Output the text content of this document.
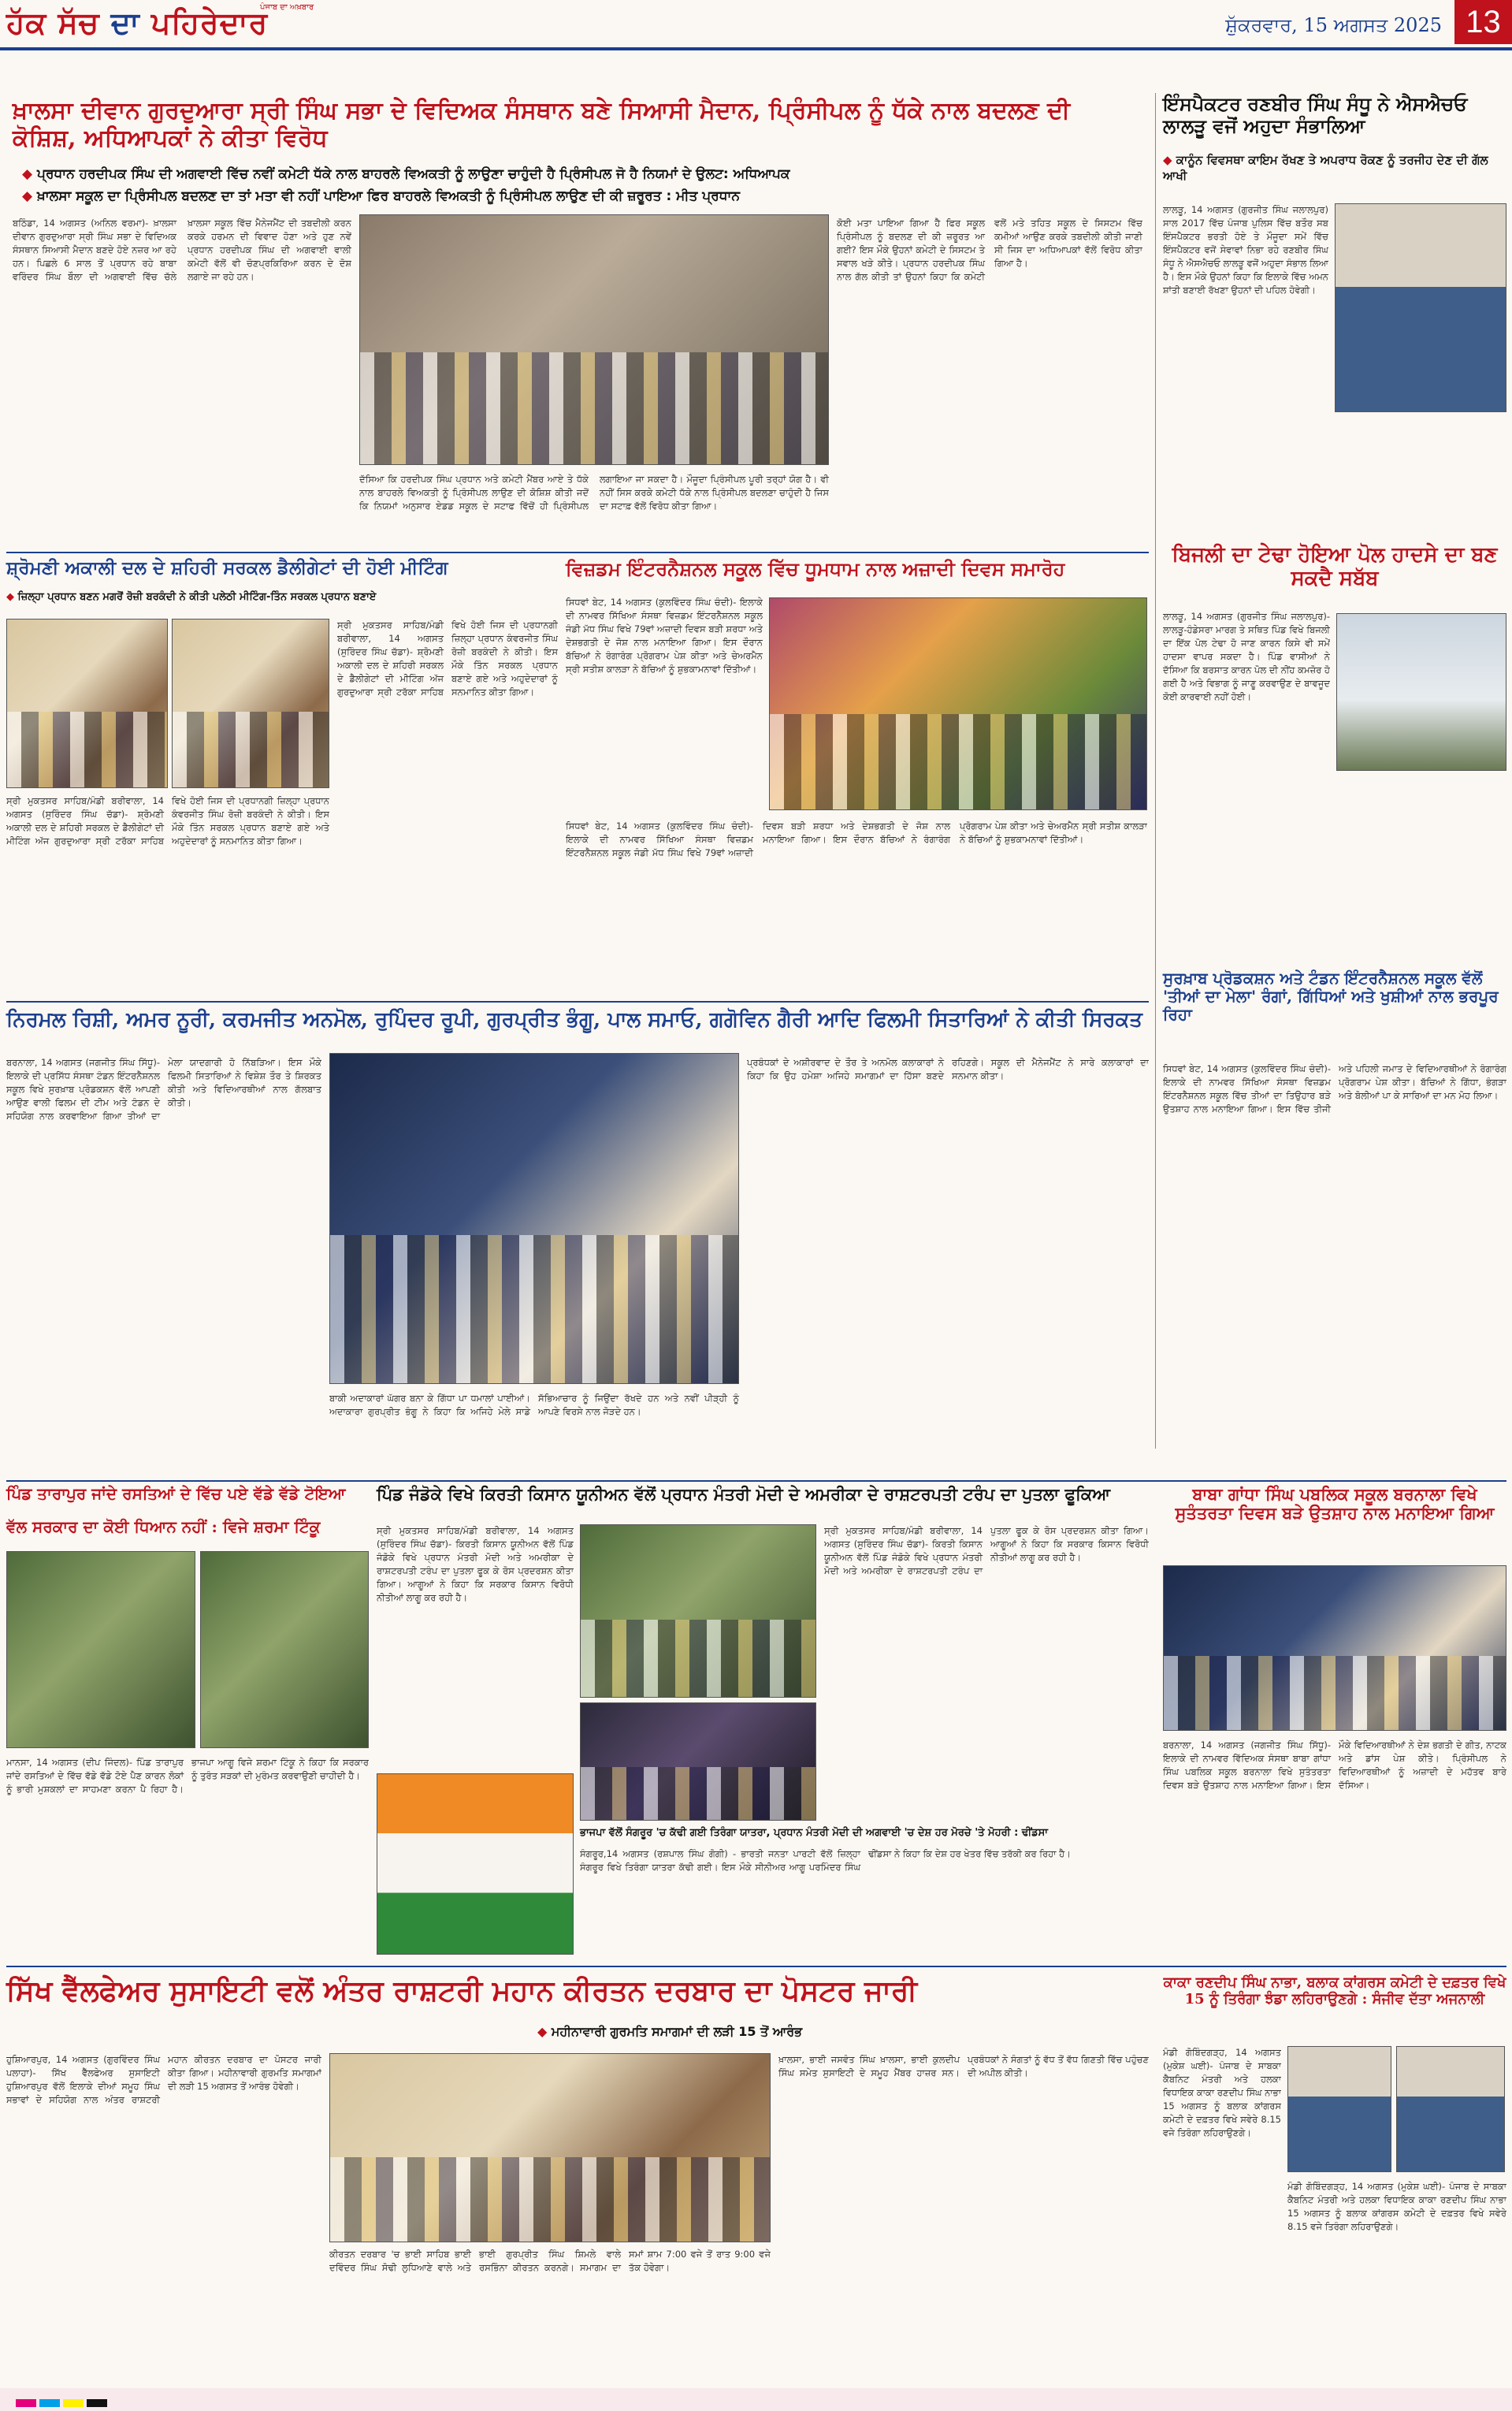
ਹੱਕ ਸੱਚ ਦਾ ਪਹਿਰੇਦਾਰ
ਪੰਜਾਬ ਦਾ ਅਖ਼ਬਾਰ
ਸ਼ੁੱਕਰਵਾਰ, 15 ਅਗਸਤ 2025 13
ਖ਼ਾਲਸਾ ਦੀਵਾਨ ਗੁਰਦੁਆਰਾ ਸ੍ਰੀ ਸਿੰਘ ਸਭਾ ਦੇ ਵਿਦਿਅਕ ਸੰਸਥਾਨ ਬਣੇ ਸਿਆਸੀ ਮੈਦਾਨ, ਪ੍ਰਿੰਸੀਪਲ ਨੂੰ ਧੱਕੇ ਨਾਲ ਬਦਲਣ ਦੀ ਕੋਸ਼ਿਸ਼, ਅਧਿਆਪਕਾਂ ਨੇ ਕੀਤਾ ਵਿਰੋਧ
◆ ਪ੍ਰਧਾਨ ਹਰਦੀਪਕ ਸਿੰਘ ਦੀ ਅਗਵਾਈ ਵਿੱਚ ਨਵੀਂ ਕਮੇਟੀ ਧੱਕੇ ਨਾਲ ਬਾਹਰਲੇ ਵਿਅਕਤੀ ਨੂੰ ਲਾਉਣਾ ਚਾਹੁੰਦੀ ਹੈ ਪ੍ਰਿੰਸੀਪਲ ਜੋ ਹੈ ਨਿਯਮਾਂ ਦੇ ਉਲਟ: ਅਧਿਆਪਕ
◆ ਖ਼ਾਲਸਾ ਸਕੂਲ ਦਾ ਪ੍ਰਿੰਸੀਪਲ ਬਦਲਣ ਦਾ ਤਾਂ ਮਤਾ ਵੀ ਨਹੀਂ ਪਾਇਆ ਫਿਰ ਬਾਹਰਲੇ ਵਿਅਕਤੀ ਨੂੰ ਪ੍ਰਿੰਸੀਪਲ ਲਾਉਣ ਦੀ ਕੀ ਜ਼ਰੂਰਤ : ਮੀਤ ਪ੍ਰਧਾਨ
ਬਠਿੰਡਾ, 14 ਅਗਸਤ (ਅਨਿਲ ਵਰਮਾ)- ਖ਼ਾਲਸਾ ਦੀਵਾਨ ਗੁਰਦੁਆਰਾ ਸ੍ਰੀ ਸਿੰਘ ਸਭਾ ਦੇ ਵਿਦਿਅਕ ਸੰਸਥਾਨ ਸਿਆਸੀ ਮੈਦਾਨ ਬਣਦੇ ਹੋਏ ਨਜ਼ਰ ਆ ਰਹੇ ਹਨ। ਪਿਛਲੇ 6 ਸਾਲ ਤੋਂ ਪ੍ਰਧਾਨ ਰਹੇ ਬਾਬਾ ਵਰਿੰਦਰ ਸਿੰਘ ਬੌਲਾ ਦੀ ਅਗਵਾਈ ਵਿੱਚ ਚੱਲੇ ਖ਼ਾਲਸਾ ਸਕੂਲ ਵਿੱਚ ਮੈਨੇਜਮੈਂਟ ਦੀ ਤਬਦੀਲੀ ਕਰਨ ਕਰਕੇ ਹਰਮਨ ਦੀ ਵਿਵਾਦ ਹੋਣਾ ਅਤੇ ਹੁਣ ਨਵੇਂ ਪ੍ਰਧਾਨ ਹਰਦੀਪਕ ਸਿੰਘ ਦੀ ਅਗਵਾਈ ਵਾਲੀ ਕਮੇਟੀ ਵੱਲੋਂ ਵੀ ਚੋਣਪ੍ਰਕਿਰਿਆ ਕਰਨ ਦੇ ਦੋਸ਼ ਲਗਾਏ ਜਾ ਰਹੇ ਹਨ।
ਦੱਸਿਆ ਕਿ ਹਰਦੀਪਕ ਸਿੰਘ ਪ੍ਰਧਾਨ ਅਤੇ ਕਮੇਟੀ ਮੈਂਬਰ ਆਏ ਤੇ ਧੱਕੇ ਨਾਲ ਬਾਹਰਲੇ ਵਿਅਕਤੀ ਨੂੰ ਪ੍ਰਿੰਸੀਪਲ ਲਾਉਣ ਦੀ ਕੋਸ਼ਿਸ਼ ਕੀਤੀ ਜਦੋਂ ਕਿ ਨਿਯਮਾਂ ਅਨੁਸਾਰ ਏਡਡ ਸਕੂਲ ਦੇ ਸਟਾਫ ਵਿੱਚੋਂ ਹੀ ਪ੍ਰਿੰਸੀਪਲ ਲਗਾਇਆ ਜਾ ਸਕਦਾ ਹੈ। ਮੌਜੂਦਾ ਪ੍ਰਿੰਸੀਪਲ ਪੂਰੀ ਤਰ੍ਹਾਂ ਯੋਗ ਹੈ। ਵੀ ਨਹੀਂ ਸਿਸ ਕਰਕੇ ਕਮੇਟੀ ਧੱਕੇ ਨਾਲ ਪ੍ਰਿੰਸੀਪਲ ਬਦਲਣਾ ਚਾਹੁੰਦੀ ਹੈ ਜਿਸ ਦਾ ਸਟਾਫ਼ ਵੱਲੋਂ ਵਿਰੋਧ ਕੀਤਾ ਗਿਆ।
ਕੋਈ ਮਤਾ ਪਾਇਆ ਗਿਆ ਹੈ ਫਿਰ ਸਕੂਲ ਪ੍ਰਿੰਸੀਪਲ ਨੂੰ ਬਦਲਣ ਦੀ ਕੀ ਜ਼ਰੂਰਤ ਆ ਗਈ? ਇਸ ਮੌਕੇ ਉਹਨਾਂ ਕਮੇਟੀ ਦੇ ਸਿਸਟਮ ਤੇ ਸਵਾਲ ਖੜੇ ਕੀਤੇ। ਪ੍ਰਧਾਨ ਹਰਦੀਪਕ ਸਿੰਘ ਨਾਲ ਗੱਲ ਕੀਤੀ ਤਾਂ ਉਹਨਾਂ ਕਿਹਾ ਕਿ ਕਮੇਟੀ ਵਲੋਂ ਮਤੇ ਤਹਿਤ ਸਕੂਲ ਦੇ ਸਿਸਟਮ ਵਿੱਚ ਕਮੀਆਂ ਆਉਣ ਕਰਕੇ ਤਬਦੀਲੀ ਕੀਤੀ ਜਾਣੀ ਸੀ ਜਿਸ ਦਾ ਅਧਿਆਪਕਾਂ ਵੱਲੋਂ ਵਿਰੋਧ ਕੀਤਾ ਗਿਆ ਹੈ।
ਇੰਸਪੈਕਟਰ ਰਣਬੀਰ ਸਿੰਘ ਸੰਧੂ ਨੇ ਐਸਐਚਓ ਲਾਲੜੂ ਵਜੋਂ ਅਹੁਦਾ ਸੰਭਾਲਿਆ
◆ ਕਾਨੂੰਨ ਵਿਵਸਥਾ ਕਾਇਮ ਰੱਖਣ ਤੇ ਅਪਰਾਧ ਰੋਕਣ ਨੂੰ ਤਰਜੀਹ ਦੇਣ ਦੀ ਗੱਲ ਆਖੀ
ਲਾਲੜੂ, 14 ਅਗਸਤ (ਗੁਰਜੀਤ ਸਿੰਘ ਜਲਾਲਪੁਰ) ਸਾਲ 2017 ਵਿੱਚ ਪੰਜਾਬ ਪੁਲਿਸ ਵਿੱਚ ਬਤੌਰ ਸਬ ਇੰਸਪੈਕਟਰ ਭਰਤੀ ਹੋਏ ਤੇ ਮੌਜੂਦਾ ਸਮੇਂ ਵਿੱਚ ਇੰਸਪੈਕਟਰ ਵਜੋਂ ਸੇਵਾਵਾਂ ਨਿਭਾ ਰਹੇ ਰਣਬੀਰ ਸਿੰਘ ਸੰਧੂ ਨੇ ਐਸਐਚਓ ਲਾਲੜੂ ਵਜੋਂ ਅਹੁਦਾ ਸੰਭਾਲ ਲਿਆ ਹੈ। ਇਸ ਮੌਕੇ ਉਹਨਾਂ ਕਿਹਾ ਕਿ ਇਲਾਕੇ ਵਿੱਚ ਅਮਨ ਸ਼ਾਂਤੀ ਬਣਾਈ ਰੱਖਣਾ ਉਹਨਾਂ ਦੀ ਪਹਿਲ ਹੋਵੇਗੀ।
ਬਿਜਲੀ ਦਾ ਟੇਢਾ ਹੋਇਆ ਪੋਲ ਹਾਦਸੇ ਦਾ ਬਣ ਸਕਦੈ ਸਬੱਬ
ਲਾਲੜੂ, 14 ਅਗਸਤ (ਗੁਰਜੀਤ ਸਿੰਘ ਜਲਾਲਪੁਰ)- ਲਾਲੜੂ-ਹੰਡੇਸਰਾ ਮਾਰਗ ਤੇ ਸਥਿਤ ਪਿੰਡ ਵਿਖੇ ਬਿਜਲੀ ਦਾ ਇੱਕ ਪੋਲ ਟੇਢਾ ਹੋ ਜਾਣ ਕਾਰਨ ਕਿਸੇ ਵੀ ਸਮੇਂ ਹਾਦਸਾ ਵਾਪਰ ਸਕਦਾ ਹੈ। ਪਿੰਡ ਵਾਸੀਆਂ ਨੇ ਦੱਸਿਆ ਕਿ ਬਰਸਾਤ ਕਾਰਨ ਪੋਲ ਦੀ ਨੀਂਹ ਕਮਜ਼ੋਰ ਹੋ ਗਈ ਹੈ ਅਤੇ ਵਿਭਾਗ ਨੂੰ ਜਾਣੂ ਕਰਵਾਉਣ ਦੇ ਬਾਵਜੂਦ ਕੋਈ ਕਾਰਵਾਈ ਨਹੀਂ ਹੋਈ।
ਸ਼੍ਰੋਮਣੀ ਅਕਾਲੀ ਦਲ ਦੇ ਸ਼ਹਿਰੀ ਸਰਕਲ ਡੈਲੀਗੇਟਾਂ ਦੀ ਹੋਈ ਮੀਟਿੰਗ
◆ ਜ਼ਿਲ੍ਹਾ ਪ੍ਰਧਾਨ ਬਣਨ ਮਗਰੋਂ ਰੋਜ਼ੀ ਬਰਕੰਦੀ ਨੇ ਕੀਤੀ ਪਲੇਠੀ ਮੀਟਿੰਗ-ਤਿੰਨ ਸਰਕਲ ਪ੍ਰਧਾਨ ਬਣਾਏ
ਸ੍ਰੀ ਮੁਕਤਸਰ ਸਾਹਿਬ/ਮੰਡੀ ਬਰੀਵਾਲਾ, 14 ਅਗਸਤ (ਸੁਰਿੰਦਰ ਸਿੰਘ ਚੱਡਾ)- ਸ਼੍ਰੋਮਣੀ ਅਕਾਲੀ ਦਲ ਦੇ ਸ਼ਹਿਰੀ ਸਰਕਲ ਦੇ ਡੈਲੀਗੇਟਾਂ ਦੀ ਮੀਟਿੰਗ ਅੱਜ ਗੁਰਦੁਆਰਾ ਸ੍ਰੀ ਟਰੱਕਾ ਸਾਹਿਬ ਵਿਖੇ ਹੋਈ ਜਿਸ ਦੀ ਪ੍ਰਧਾਨਗੀ ਜ਼ਿਲ੍ਹਾ ਪ੍ਰਧਾਨ ਕੰਵਰਜੀਤ ਸਿੰਘ ਰੋਜ਼ੀ ਬਰਕੰਦੀ ਨੇ ਕੀਤੀ। ਇਸ ਮੌਕੇ ਤਿੰਨ ਸਰਕਲ ਪ੍ਰਧਾਨ ਬਣਾਏ ਗਏ ਅਤੇ ਅਹੁਦੇਦਾਰਾਂ ਨੂੰ ਸਨਮਾਨਿਤ ਕੀਤਾ ਗਿਆ।
ਸ੍ਰੀ ਮੁਕਤਸਰ ਸਾਹਿਬ/ਮੰਡੀ ਬਰੀਵਾਲਾ, 14 ਅਗਸਤ (ਸੁਰਿੰਦਰ ਸਿੰਘ ਚੱਡਾ)- ਸ਼੍ਰੋਮਣੀ ਅਕਾਲੀ ਦਲ ਦੇ ਸ਼ਹਿਰੀ ਸਰਕਲ ਦੇ ਡੈਲੀਗੇਟਾਂ ਦੀ ਮੀਟਿੰਗ ਅੱਜ ਗੁਰਦੁਆਰਾ ਸ੍ਰੀ ਟਰੱਕਾ ਸਾਹਿਬ ਵਿਖੇ ਹੋਈ ਜਿਸ ਦੀ ਪ੍ਰਧਾਨਗੀ ਜ਼ਿਲ੍ਹਾ ਪ੍ਰਧਾਨ ਕੰਵਰਜੀਤ ਸਿੰਘ ਰੋਜ਼ੀ ਬਰਕੰਦੀ ਨੇ ਕੀਤੀ। ਇਸ ਮੌਕੇ ਤਿੰਨ ਸਰਕਲ ਪ੍ਰਧਾਨ ਬਣਾਏ ਗਏ ਅਤੇ ਅਹੁਦੇਦਾਰਾਂ ਨੂੰ ਸਨਮਾਨਿਤ ਕੀਤਾ ਗਿਆ।
ਵਿਜ਼ਡਮ ਇੰਟਰਨੈਸ਼ਨਲ ਸਕੂਲ ਵਿੱਚ ਧੂਮਧਾਮ ਨਾਲ ਅਜ਼ਾਦੀ ਦਿਵਸ ਸਮਾਰੋਹ
ਸਿਧਵਾਂ ਬੇਟ, 14 ਅਗਸਤ (ਕੁਲਵਿੰਦਰ ਸਿੰਘ ਚੰਦੀ)- ਇਲਾਕੇ ਦੀ ਨਾਮਵਰ ਸਿੱਖਿਆ ਸੰਸਥਾ ਵਿਜ਼ਡਮ ਇੰਟਰਨੈਸ਼ਨਲ ਸਕੂਲ ਜੰਡੀ ਮੱਧ ਸਿੰਘ ਵਿਖੇ 79ਵਾਂ ਅਜ਼ਾਦੀ ਦਿਵਸ ਬੜੀ ਸ਼ਰਧਾ ਅਤੇ ਦੇਸ਼ਭਗਤੀ ਦੇ ਜੋਸ਼ ਨਾਲ ਮਨਾਇਆ ਗਿਆ। ਇਸ ਦੌਰਾਨ ਬੱਚਿਆਂ ਨੇ ਰੰਗਾਰੰਗ ਪ੍ਰੋਗਰਾਮ ਪੇਸ਼ ਕੀਤਾ ਅਤੇ ਚੇਅਰਮੈਨ ਸ੍ਰੀ ਸਤੀਸ਼ ਕਾਲੜਾ ਨੇ ਬੱਚਿਆਂ ਨੂੰ ਸ਼ੁਭਕਾਮਨਾਵਾਂ ਦਿੱਤੀਆਂ।
ਸਿਧਵਾਂ ਬੇਟ, 14 ਅਗਸਤ (ਕੁਲਵਿੰਦਰ ਸਿੰਘ ਚੰਦੀ)- ਇਲਾਕੇ ਦੀ ਨਾਮਵਰ ਸਿੱਖਿਆ ਸੰਸਥਾ ਵਿਜ਼ਡਮ ਇੰਟਰਨੈਸ਼ਨਲ ਸਕੂਲ ਜੰਡੀ ਮੱਧ ਸਿੰਘ ਵਿਖੇ 79ਵਾਂ ਅਜ਼ਾਦੀ ਦਿਵਸ ਬੜੀ ਸ਼ਰਧਾ ਅਤੇ ਦੇਸ਼ਭਗਤੀ ਦੇ ਜੋਸ਼ ਨਾਲ ਮਨਾਇਆ ਗਿਆ। ਇਸ ਦੌਰਾਨ ਬੱਚਿਆਂ ਨੇ ਰੰਗਾਰੰਗ ਪ੍ਰੋਗਰਾਮ ਪੇਸ਼ ਕੀਤਾ ਅਤੇ ਚੇਅਰਮੈਨ ਸ੍ਰੀ ਸਤੀਸ਼ ਕਾਲੜਾ ਨੇ ਬੱਚਿਆਂ ਨੂੰ ਸ਼ੁਭਕਾਮਨਾਵਾਂ ਦਿੱਤੀਆਂ।
ਨਿਰਮਲ ਰਿਸ਼ੀ, ਅਮਰ ਨੂਰੀ, ਕਰਮਜੀਤ ਅਨਮੋਲ, ਰੁਪਿੰਦਰ ਰੂਪੀ, ਗੁਰਪ੍ਰੀਤ ਭੰਗੂ, ਪਾਲ ਸਮਾਓ, ਗਗੋਵਿਨ ਗੈਰੀ ਆਦਿ ਫਿਲਮੀ ਸਿਤਾਰਿਆਂ ਨੇ ਕੀਤੀ ਸਿਰਕਤ
ਬਰਨਾਲਾ, 14 ਅਗਸਤ (ਜਗਜੀਤ ਸਿੰਘ ਸਿੱਧੂ)- ਇਲਾਕੇ ਦੀ ਪ੍ਰਸਿੱਧ ਸੰਸਥਾ ਟੰਡਨ ਇੰਟਰਨੈਸ਼ਨਲ ਸਕੂਲ ਵਿਖੇ ਸੁਰਖ਼ਾਬ ਪ੍ਰੋਡਕਸ਼ਨ ਵੱਲੋਂ ਆਪਣੀ ਆਉਣ ਵਾਲੀ ਫਿਲਮ ਦੀ ਟੀਮ ਅਤੇ ਟੰਡਨ ਦੇ ਸਹਿਯੋਗ ਨਾਲ ਕਰਵਾਇਆ ਗਿਆ ਤੀਆਂ ਦਾ ਮੇਲਾ ਯਾਦਗਾਰੀ ਹੋ ਨਿੱਬੜਿਆ। ਇਸ ਮੌਕੇ ਫਿਲਮੀ ਸਿਤਾਰਿਆਂ ਨੇ ਵਿਸ਼ੇਸ਼ ਤੌਰ ਤੇ ਸ਼ਿਰਕਤ ਕੀਤੀ ਅਤੇ ਵਿਦਿਆਰਥੀਆਂ ਨਾਲ ਗੱਲਬਾਤ ਕੀਤੀ।
ਬਾਕੀ ਅਦਾਕਾਰਾਂ ਘੱਗਰ ਬਨਾ ਕੇ ਗਿੱਧਾ ਪਾ ਧਮਾਲਾਂ ਪਾਈਆਂ। ਅਦਾਕਾਰਾ ਗੁਰਪ੍ਰੀਤ ਭੰਗੂ ਨੇ ਕਿਹਾ ਕਿ ਅਜਿਹੇ ਮੇਲੇ ਸਾਡੇ ਸੱਭਿਆਚਾਰ ਨੂੰ ਜਿਉਂਦਾ ਰੱਖਦੇ ਹਨ ਅਤੇ ਨਵੀਂ ਪੀੜ੍ਹੀ ਨੂੰ ਆਪਣੇ ਵਿਰਸੇ ਨਾਲ ਜੋੜਦੇ ਹਨ।
ਪ੍ਰਬੰਧਕਾਂ ਦੇ ਅਸ਼ੀਰਵਾਦ ਦੇ ਤੌਰ ਤੇ ਅਨਮੋਲ ਕਲਾਕਾਰਾਂ ਨੇ ਕਿਹਾ ਕਿ ਉਹ ਹਮੇਸ਼ਾ ਅਜਿਹੇ ਸਮਾਗਮਾਂ ਦਾ ਹਿੱਸਾ ਬਣਦੇ ਰਹਿਣਗੇ। ਸਕੂਲ ਦੀ ਮੈਨੇਜਮੈਂਟ ਨੇ ਸਾਰੇ ਕਲਾਕਾਰਾਂ ਦਾ ਸਨਮਾਨ ਕੀਤਾ।
ਸੁਰਖ਼ਾਬ ਪ੍ਰੋਡਕਸ਼ਨ ਅਤੇ ਟੰਡਨ ਇੰਟਰਨੈਸ਼ਨਲ ਸਕੂਲ ਵੱਲੋਂ 'ਤੀਆਂ ਦਾ ਮੇਲਾ' ਰੰਗਾਂ, ਗਿੱਧਿਆਂ ਅਤੇ ਖੁਸ਼ੀਆਂ ਨਾਲ ਭਰਪੂਰ ਰਿਹਾ
ਸਿਧਵਾਂ ਬੇਟ, 14 ਅਗਸਤ (ਕੁਲਵਿੰਦਰ ਸਿੰਘ ਚੰਦੀ)- ਇਲਾਕੇ ਦੀ ਨਾਮਵਰ ਸਿੱਖਿਆ ਸੰਸਥਾ ਵਿਜ਼ਡਮ ਇੰਟਰਨੈਸ਼ਨਲ ਸਕੂਲ ਵਿੱਚ ਤੀਆਂ ਦਾ ਤਿਉਹਾਰ ਬੜੇ ਉਤਸ਼ਾਹ ਨਾਲ ਮਨਾਇਆ ਗਿਆ। ਇਸ ਵਿੱਚ ਤੀਜੀ ਅਤੇ ਪਹਿਲੀ ਜਮਾਤ ਦੇ ਵਿਦਿਆਰਥੀਆਂ ਨੇ ਰੰਗਾਰੰਗ ਪ੍ਰੋਗਰਾਮ ਪੇਸ਼ ਕੀਤਾ। ਬੱਚਿਆਂ ਨੇ ਗਿੱਧਾ, ਭੰਗੜਾ ਅਤੇ ਬੋਲੀਆਂ ਪਾ ਕੇ ਸਾਰਿਆਂ ਦਾ ਮਨ ਮੋਹ ਲਿਆ।
ਪਿੰਡ ਤਾਰਾਪੁਰ ਜਾਂਦੇ ਰਸਤਿਆਂ ਦੇ ਵਿੱਚ ਪਏ ਵੱਡੇ ਵੱਡੇ ਟੋਇਆ
ਵੱਲ ਸਰਕਾਰ ਦਾ ਕੋਈ ਧਿਆਨ ਨਹੀਂ : ਵਿਜੇ ਸ਼ਰਮਾ ਟਿੰਕੂ
ਮਾਨਸਾ, 14 ਅਗਸਤ (ਦੀਪ ਜਿੰਦਲ)- ਪਿੰਡ ਤਾਰਾਪੁਰ ਜਾਂਦੇ ਰਸਤਿਆਂ ਦੇ ਵਿੱਚ ਵੱਡੇ ਵੱਡੇ ਟੋਏ ਪੈਣ ਕਾਰਨ ਲੋਕਾਂ ਨੂੰ ਭਾਰੀ ਮੁਸ਼ਕਲਾਂ ਦਾ ਸਾਹਮਣਾ ਕਰਨਾ ਪੈ ਰਿਹਾ ਹੈ। ਭਾਜਪਾ ਆਗੂ ਵਿਜੇ ਸ਼ਰਮਾ ਟਿੰਕੂ ਨੇ ਕਿਹਾ ਕਿ ਸਰਕਾਰ ਨੂੰ ਤੁਰੰਤ ਸੜਕਾਂ ਦੀ ਮੁਰੰਮਤ ਕਰਵਾਉਣੀ ਚਾਹੀਦੀ ਹੈ।
ਪਿੰਡ ਜੰਡੋਕੇ ਵਿਖੇ ਕਿਰਤੀ ਕਿਸਾਨ ਯੂਨੀਅਨ ਵੱਲੋਂ ਪ੍ਰਧਾਨ ਮੰਤਰੀ ਮੋਦੀ ਦੇ ਅਮਰੀਕਾ ਦੇ ਰਾਸ਼ਟਰਪਤੀ ਟਰੰਪ ਦਾ ਪੁਤਲਾ ਫੂਕਿਆ
ਸ੍ਰੀ ਮੁਕਤਸਰ ਸਾਹਿਬ/ਮੰਡੀ ਬਰੀਵਾਲਾ, 14 ਅਗਸਤ (ਸੁਰਿੰਦਰ ਸਿੰਘ ਚੱਡਾ)- ਕਿਰਤੀ ਕਿਸਾਨ ਯੂਨੀਅਨ ਵੱਲੋਂ ਪਿੰਡ ਜੰਡੋਕੇ ਵਿਖੇ ਪ੍ਰਧਾਨ ਮੰਤਰੀ ਮੋਦੀ ਅਤੇ ਅਮਰੀਕਾ ਦੇ ਰਾਸ਼ਟਰਪਤੀ ਟਰੰਪ ਦਾ ਪੁਤਲਾ ਫੂਕ ਕੇ ਰੋਸ ਪ੍ਰਦਰਸ਼ਨ ਕੀਤਾ ਗਿਆ। ਆਗੂਆਂ ਨੇ ਕਿਹਾ ਕਿ ਸਰਕਾਰ ਕਿਸਾਨ ਵਿਰੋਧੀ ਨੀਤੀਆਂ ਲਾਗੂ ਕਰ ਰਹੀ ਹੈ।
ਸ੍ਰੀ ਮੁਕਤਸਰ ਸਾਹਿਬ/ਮੰਡੀ ਬਰੀਵਾਲਾ, 14 ਅਗਸਤ (ਸੁਰਿੰਦਰ ਸਿੰਘ ਚੱਡਾ)- ਕਿਰਤੀ ਕਿਸਾਨ ਯੂਨੀਅਨ ਵੱਲੋਂ ਪਿੰਡ ਜੰਡੋਕੇ ਵਿਖੇ ਪ੍ਰਧਾਨ ਮੰਤਰੀ ਮੋਦੀ ਅਤੇ ਅਮਰੀਕਾ ਦੇ ਰਾਸ਼ਟਰਪਤੀ ਟਰੰਪ ਦਾ ਪੁਤਲਾ ਫੂਕ ਕੇ ਰੋਸ ਪ੍ਰਦਰਸ਼ਨ ਕੀਤਾ ਗਿਆ। ਆਗੂਆਂ ਨੇ ਕਿਹਾ ਕਿ ਸਰਕਾਰ ਕਿਸਾਨ ਵਿਰੋਧੀ ਨੀਤੀਆਂ ਲਾਗੂ ਕਰ ਰਹੀ ਹੈ।
ਭਾਜਪਾ ਵੱਲੋਂ ਸੰਗਰੂਰ 'ਚ ਕੱਢੀ ਗਈ ਤਿਰੰਗਾ ਯਾਤਰਾ, ਪ੍ਰਧਾਨ ਮੰਤਰੀ ਮੋਦੀ ਦੀ ਅਗਵਾਈ 'ਚ ਦੇਸ਼ ਹਰ ਮੋਰਚੇ 'ਤੇ ਮੋਹਰੀ : ਢੀਂਡਸਾ
ਸੰਗਰੂਰ,14 ਅਗਸਤ (ਰਸ਼ਪਾਲ ਸਿੰਘ ਗੋਗੀ) - ਭਾਰਤੀ ਜਨਤਾ ਪਾਰਟੀ ਵੱਲੋਂ ਜ਼ਿਲ੍ਹਾ ਸੰਗਰੂਰ ਵਿਖੇ ਤਿਰੰਗਾ ਯਾਤਰਾ ਕੱਢੀ ਗਈ। ਇਸ ਮੌਕੇ ਸੀਨੀਅਰ ਆਗੂ ਪਰਮਿੰਦਰ ਸਿੰਘ ਢੀਂਡਸਾ ਨੇ ਕਿਹਾ ਕਿ ਦੇਸ਼ ਹਰ ਖੇਤਰ ਵਿੱਚ ਤਰੱਕੀ ਕਰ ਰਿਹਾ ਹੈ।
ਬਾਬਾ ਗਾਂਧਾ ਸਿੰਘ ਪਬਲਿਕ ਸਕੂਲ ਬਰਨਾਲਾ ਵਿਖੇ ਸੁਤੰਤਰਤਾ ਦਿਵਸ ਬੜੇ ਉਤਸ਼ਾਹ ਨਾਲ ਮਨਾਇਆ ਗਿਆ
ਬਰਨਾਲਾ, 14 ਅਗਸਤ (ਜਗਜੀਤ ਸਿੰਘ ਸਿੱਧੂ)- ਇਲਾਕੇ ਦੀ ਨਾਮਵਰ ਵਿੱਦਿਅਕ ਸੰਸਥਾ ਬਾਬਾ ਗਾਂਧਾ ਸਿੰਘ ਪਬਲਿਕ ਸਕੂਲ ਬਰਨਾਲਾ ਵਿਖੇ ਸੁਤੰਤਰਤਾ ਦਿਵਸ ਬੜੇ ਉਤਸ਼ਾਹ ਨਾਲ ਮਨਾਇਆ ਗਿਆ। ਇਸ ਮੌਕੇ ਵਿਦਿਆਰਥੀਆਂ ਨੇ ਦੇਸ਼ ਭਗਤੀ ਦੇ ਗੀਤ, ਨਾਟਕ ਅਤੇ ਡਾਂਸ ਪੇਸ਼ ਕੀਤੇ। ਪ੍ਰਿੰਸੀਪਲ ਨੇ ਵਿਦਿਆਰਥੀਆਂ ਨੂੰ ਅਜ਼ਾਦੀ ਦੇ ਮਹੱਤਵ ਬਾਰੇ ਦੱਸਿਆ।
ਸਿੱਖ ਵੈੱਲਫੇਅਰ ਸੁਸਾਇਟੀ ਵਲੋਂ ਅੰਤਰ ਰਾਸ਼ਟਰੀ ਮਹਾਨ ਕੀਰਤਨ ਦਰਬਾਰ ਦਾ ਪੋਸਟਰ ਜਾਰੀ
◆ ਮਹੀਨਾਵਾਰੀ ਗੁਰਮਤਿ ਸਮਾਗਮਾਂ ਦੀ ਲੜੀ 15 ਤੋਂ ਆਰੰਭ
ਹੁਸ਼ਿਆਰਪੁਰ, 14 ਅਗਸਤ (ਗੁਰਵਿੰਦਰ ਸਿੰਘ ਪਲਾਹਾ)- ਸਿੱਖ ਵੈੱਲਫੇਅਰ ਸੁਸਾਇਟੀ ਹੁਸ਼ਿਆਰਪੁਰ ਵੱਲੋਂ ਇਲਾਕੇ ਦੀਆਂ ਸਮੂਹ ਸਿੰਘ ਸਭਾਵਾਂ ਦੇ ਸਹਿਯੋਗ ਨਾਲ ਅੰਤਰ ਰਾਸ਼ਟਰੀ ਮਹਾਨ ਕੀਰਤਨ ਦਰਬਾਰ ਦਾ ਪੋਸਟਰ ਜਾਰੀ ਕੀਤਾ ਗਿਆ। ਮਹੀਨਾਵਾਰੀ ਗੁਰਮਤਿ ਸਮਾਗਮਾਂ ਦੀ ਲੜੀ 15 ਅਗਸਤ ਤੋਂ ਆਰੰਭ ਹੋਵੇਗੀ।
ਕੀਰਤਨ ਦਰਬਾਰ 'ਚ ਭਾਈ ਸਾਹਿਬ ਭਾਈ ਦਵਿੰਦਰ ਸਿੰਘ ਸੋਢੀ ਲੁਧਿਆਣੇ ਵਾਲੇ ਅਤੇ ਭਾਈ ਗੁਰਪ੍ਰੀਤ ਸਿੰਘ ਸ਼ਿਮਲੇ ਵਾਲੇ ਰਸਭਿੰਨਾ ਕੀਰਤਨ ਕਰਨਗੇ। ਸਮਾਗਮ ਦਾ ਸਮਾਂ ਸ਼ਾਮ 7:00 ਵਜੇ ਤੋਂ ਰਾਤ 9:00 ਵਜੇ ਤੱਕ ਹੋਵੇਗਾ।
ਖ਼ਾਲਸਾ, ਭਾਈ ਜਸਵੰਤ ਸਿੰਘ ਖ਼ਾਲਸਾ, ਭਾਈ ਕੁਲਦੀਪ ਸਿੰਘ ਸਮੇਤ ਸੁਸਾਇਟੀ ਦੇ ਸਮੂਹ ਮੈਂਬਰ ਹਾਜ਼ਰ ਸਨ। ਪ੍ਰਬੰਧਕਾਂ ਨੇ ਸੰਗਤਾਂ ਨੂੰ ਵੱਧ ਤੋਂ ਵੱਧ ਗਿਣਤੀ ਵਿੱਚ ਪਹੁੰਚਣ ਦੀ ਅਪੀਲ ਕੀਤੀ।
ਕਾਕਾ ਰਣਦੀਪ ਸਿੰਘ ਨਾਭਾ, ਬਲਾਕ ਕਾਂਗਰਸ ਕਮੇਟੀ ਦੇ ਦਫ਼ਤਰ ਵਿਖੇ 15 ਨੂੰ ਤਿਰੰਗਾ ਝੰਡਾ ਲਹਿਰਾਉਣਗੇ : ਸੰਜੀਵ ਦੱਤਾ ਅਜਨਾਲੀ
ਮੰਡੀ ਗੋਬਿੰਦਗੜ੍ਹ, 14 ਅਗਸਤ (ਮੁਕੇਸ਼ ਘਈ)- ਪੰਜਾਬ ਦੇ ਸਾਬਕਾ ਕੈਬਨਿਟ ਮੰਤਰੀ ਅਤੇ ਹਲਕਾ ਵਿਧਾਇਕ ਕਾਕਾ ਰਣਦੀਪ ਸਿੰਘ ਨਾਭਾ 15 ਅਗਸਤ ਨੂੰ ਬਲਾਕ ਕਾਂਗਰਸ ਕਮੇਟੀ ਦੇ ਦਫ਼ਤਰ ਵਿਖੇ ਸਵੇਰੇ 8.15 ਵਜੇ ਤਿਰੰਗਾ ਲਹਿਰਾਉਣਗੇ।
ਮੰਡੀ ਗੋਬਿੰਦਗੜ੍ਹ, 14 ਅਗਸਤ (ਮੁਕੇਸ਼ ਘਈ)- ਪੰਜਾਬ ਦੇ ਸਾਬਕਾ ਕੈਬਨਿਟ ਮੰਤਰੀ ਅਤੇ ਹਲਕਾ ਵਿਧਾਇਕ ਕਾਕਾ ਰਣਦੀਪ ਸਿੰਘ ਨਾਭਾ 15 ਅਗਸਤ ਨੂੰ ਬਲਾਕ ਕਾਂਗਰਸ ਕਮੇਟੀ ਦੇ ਦਫ਼ਤਰ ਵਿਖੇ ਸਵੇਰੇ 8.15 ਵਜੇ ਤਿਰੰਗਾ ਲਹਿਰਾਉਣਗੇ।
